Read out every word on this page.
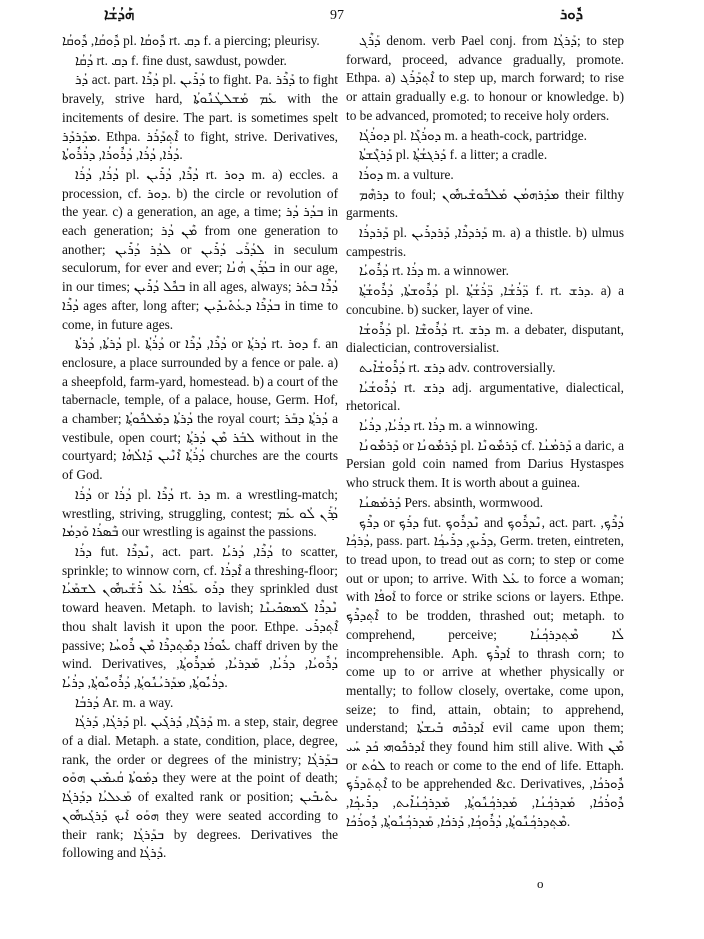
ܗܰܕܳܫܳܐ	97	ܕܽܘܪ

ܕܽܘܩܳܐ, ܕܽܘܩܳܐ pl. ܕܽܘܩܳܐ rt. ܕܩ f. a piercing; pleurisy.

ܕܳܩܳܐ rt. ܕܩ f. fine dust, sawdust, powder.

ܕܳܪ act. part. ܕܳܪܶܐ pl. ܕܳܪܺܝܢ to fight. Pa. ܕܰܪܶܪ to fight bravely, strive hard, ܥܰܡ ܡܰܫܠܛܳܢܽܘܬܳܐ with the incitements of desire. The part. is sometimes spelt ܡܕܰܪܕܰܪ. Ethpa. ܐܶܬ݂ܕܰܪܰܪ to fight, strive. Derivatives, ܕܳܪܳܐ, ܕܳܪܳܐ, ܕܳܪܽܘܪܳܐ, ܕܪܳܪܽܘܬܳܐ.

ܕܳܪܳܐ, ܕܳܪܳܐ pl. ܕܳܪܶܐ, ܕܳܪܺܝܢ rt. ܕܘܪ m. a) eccles. a procession, cf. ܕܘܪ. b) the circle or revolution of the year. c) a generation, an age, a time; ܒܕܳܪ ܕܳܪ in each generation; ܡܶܢ ܕܳܪ from one generation to another; ܠܕܳܪ ܕܳܪܺܝܢ or ܠܕܳܪܰܝ ܕܳܪܺܝܢ in seculum seculorum, for ever and ever; ܒܕܳܪܰܢ ܗܳܢܳܐ in our age, in our times; ܒܟܽܠ ܕܳܪܺܝܢ in all ages, always; ܕܳܪܶܐ ܒܬܰܪ ܕܳܪܶܐ ages after, long after; ܒܕܳܪܶܐ ܕܥܳܬܺܝܕܺܝܢ in time to come, in future ages.

ܕܳܪܬܳܐ, ܕܳܪܬܳܐ pl. ܕܳܪܳܬ݂ܳܐ or ܕܳܪܶܐ, ܕܳܪܶܐ or ܕܳܪܬ݂ܳܐ rt. ܕܘܪ f. an enclosure, a place surrounded by a fence or pale. a) a sheepfold, farm-yard, homestead. b) a court of the tabernacle, temple, of a palace, house, Germ. Hof, a chamber; ܕܳܪܬܳܐ ܕܡܰܠܟܽܘܬ݂ܳܐ the royal court; ܕܳܪܬ݂ܳܐ ܕܒܰܪ a vestibule, open court; ܠܒܰܪ ܡܶܢ ܕܳܪܬ݂ܳܐ without in the courtyard; ܕܳܪܳܬ݂ܳܐ ܐܶܢܶܝܢ ܕܰܐܠܳܗܳܐ churches are the courts of God.

ܕܳܪܳܐ or ܕܳܪܳܐ pl. ܕܳܪܶܐ rt. ܕܪ m. a wrestling-match; wrestling, striving, struggling, contest; ܕܳܪܰܢ ܠܳܘ ܥܰܡ ܒܶܣܪܳܐ ܘܰܕܡܳܐ our wrestling is against the passions.

ܕܪܳܐ fut. ܢܶܕܪܶܐ, act. part. ܕܳܪܶܐ, ܕܳܪܝܳܐ to scatter, sprinkle; to winnow corn, cf. ܐܶܕܪܳܐ a threshing-floor; ܕܪܰܘ ܥܰܦܪܳܐ ܥܰܠ ܪܺܫܰܝܗܽܘܢ ܠܫܡܰܝܳܐ they sprinkled dust toward heaven. Metaph. to lavish; ܢܶܕܪܶܐ ܠܰܡܣܟܺܝܢܶܐ thou shalt lavish it upon the poor. Ethpe. ܐܶܬ݂ܕܪܺܝ passive; ܥܽܘܪܳܐ ܕܡܶܬ݂ܕܪܶܐ ܡܶܢ ܪܽܘܚܳܐ chaff driven by the wind. Derivatives, ܕܳܪܽܘܝܳܐ, ܕܪܳܝܳܐ, ܡܰܕܪܝܳܐ, ܡܰܕܪܽܘܬ݂ܳܐ, ܕܪܳܝܽܘܬ݂ܳܐ, ܡܕܰܪܝܳܢܽܘܬ݂ܳܐ, ܕܳܪܽܘܝܽܘܬ݂ܳܐ, ܕܪܳܝܳܐ.

ܕܳܪܒܳܐ Ar. m. a way.

ܕܰܪܓܳܐ, ܕܰܪܓܳܐ pl. ܕܰܪܓܶܐ, ܕܰܪܓܺܝܢ m. a step, stair, degree of a dial. Metaph. a state, condition, place, degree, rank, the order or degrees of the ministry; ܒܕܰܪܓܳܐ ܕܡܰܘܬܳܐ ܩܳܝܡܺܝܢ ܗܘܰܘ they were at the point of death; ܡܰܥܠܝܳܐ ܕܕܰܪܓܳܐ of exalted rank or position; ܝܬܺܝܒܺܝܢ ܗܘܰܘ ܐܰܝܟ ܕܰܪܓܰܝܗܽܘܢ they were seated according to their rank; ܒܕܰܪܓܳܐ by degrees. Derivatives the following and ܕܰܪܓܳܐ.

ܕܰܪܶܓ denom. verb Pael conj. from ܕܰܪܓܳܐ; to step forward, proceed, advance gradually, promote. Ethpa. a) ܐܶܬ݂ܕܰܪܰܓ to step up, march forward; to rise or attain gradually e.g. to honour or knowledge. b) to be advanced, promoted; to receive holy orders.

ܕܘܪܳܓܳܐ pl. ܕܘܪܳܓܶܐ m. a heath-cock, partridge.

ܕܰܪܓܶܫܬܳܐ pl. ܕܰܪܓܫܳܬ݂ܳܐ f. a litter; a cradle.

ܕܘܪܳܐ m. a vulture.

ܕܪܗܶܡ to foul; ܡܕܰܪܗܡܳܢ ܡܰܠܒܽܘܫܰܝܗܽܘܢ their filthy garments.

ܕܰܪܕܪܳܐ pl. ܕܰܪܕܪܶܐ, ܕܰܪܕܪܺܝܢ m. a) a thistle. b) ulmus campestris.

ܕܳܪܽܘܝܳܐ rt. ܕܪܳܐ m. a winnower.

ܕܳܪܽܘܫܬܳܐ, ܕܳܪܽܘܫܳܬ݂ܳܐ pl. ܕ̈ܪܳܫܳܐ, ܕ̈ܪܳܫܳܬ݂ܳܐ f. rt. ܕܪܫ. a) a concubine. b) sucker, layer of vine.

ܕܳܪܽܘܫܳܐ pl. ܕܳܪܽܘܫܶܐ rt. ܕܪܫ m. a debater, disputant, dialectician, controversialist.

ܕܳܪܽܘܫܳܐܺܝܬ rt. ܕܪܫ adv. controversially.

ܕܳܪܽܘܫܳܝܳܐ rt. ܕܪܫ adj. argumentative, dialectical, rhetorical.

ܕܪܳܝܳܐ, ܕܪܳܝܳܐ rt. ܕܪܳܐ m. a winnowing.

ܕܰܪܡܽܘܢܳܐ or ܕܰܪܡܽܘܢܳܐ pl. ܕܰܪܡܽܘܢܶܐ cf. ܕܰܪܡܳܢܳܐ a daric, a Persian gold coin named from Darius Hystaspes who struck them. It is worth about a guinea.

ܕܰܪܡܰܣܢܳܐ Pers. absinth, wormwood.

ܕܪܶܟ݂ or ܕܪܰܟ݂ fut. ܢܶܕܪܽܘܟ݂ and ܢܶܕܪܽܘܟ݂, act. part. ܕܳܪܶܟ݂, ܕܳܪܟ݂ܳܐ, pass. part. ܕܪܺܝܟ݂, ܕܪܺܝܟ݂ܳܐ, Germ. treten, eintreten, to tread upon, to tread out as corn; to step or come out or upon; to arrive. With ܥܰܠ to force a woman; with ܐܰܘܦܳܐ to force or strike scions or layers. Ethpe. ܐܶܬ݂ܕܪܶܟ݂ to be trodden, thrashed out; metaph. to comprehend, perceive; ܠܳܐ ܡܶܬ݂ܕܪܟ݂ܳܢܳܐ incomprehensible. Aph. ܐܰܕܪܶܟ݂ to thrash corn; to come up to or arrive at whether physically or mentally; to follow closely, overtake, come upon, seize; to find, attain, obtain; to apprehend, understand; ܐܰܕܪܟܶܗ ܒܺܝܫܬܳܐ evil came upon them; ܐܰܕܪܟܽܘܗܝ ܟܰܕ ܚܰܝ they found him still alive. With ܡܶܢ or ܠܘܳܬ to reach or come to the end of life. Ettaph. ܐܶܬ݂ܬܰܕܪܰܟ݂ to be apprehended &c. Derivatives, ܕܽܘܪܟܳܐ, ܕܽܘܪܳܟܳܐ, ܡܰܕܪܟ݂ܳܢܳܐ, ܡܰܕܪܟ݂ܳܢܽܘܬ݂ܳܐ, ܡܰܕܪܟ݂ܳܢܳܐܺܝܬ, ܕܪܺܝܟ݂ܳܐ, ܡܶܬ݂ܕܪܟ݂ܳܢܽܘܬ݂ܳܐ, ܕܳܪܽܘܟ݂ܳܐ, ܕܰܪܟܳܐ, ܡܰܕܪܟ݂ܳܢܽܘܬ݂ܳܐ, ܕܽܘܪܳܟܳܐ.

o
